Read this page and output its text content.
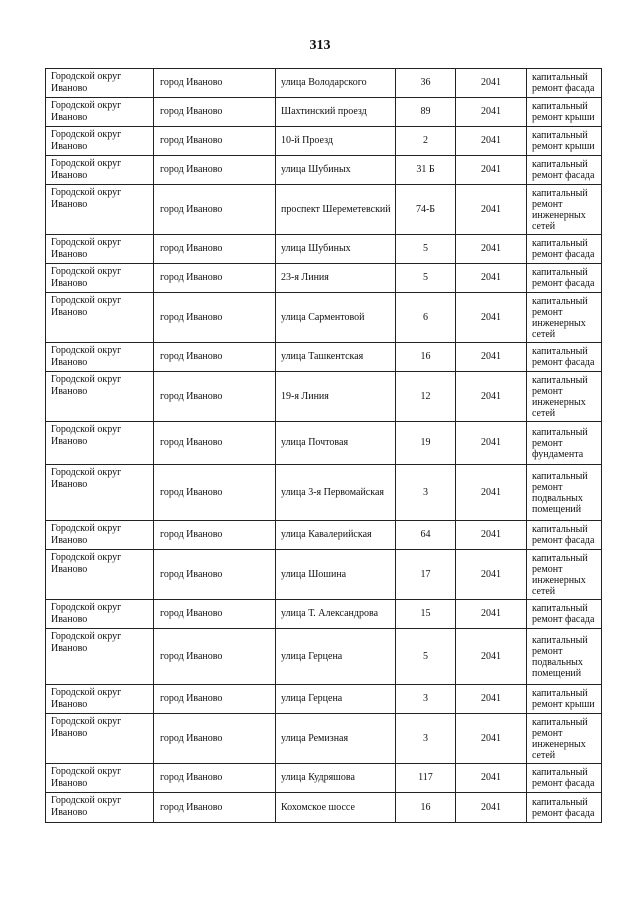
313
Городской округ Иваново	город Иваново	улица Володарского	36	2041	капитальный ремонт фасада
Городской округ Иваново	город Иваново	Шахтинский проезд	89	2041	капитальный ремонт крыши
Городской округ Иваново	город Иваново	10-й Проезд	2	2041	капитальный ремонт крыши
Городской округ Иваново	город Иваново	улица Шубиных	31 Б	2041	капитальный ремонт фасада
Городской округ Иваново	город Иваново	проспект Шереметевский	74-Б	2041	капитальный ремонт инженерных сетей
Городской округ Иваново	город Иваново	улица Шубиных	5	2041	капитальный ремонт фасада
Городской округ Иваново	город Иваново	23-я Линия	5	2041	капитальный ремонт фасада
Городской округ Иваново	город Иваново	улица Сарментовой	6	2041	капитальный ремонт инженерных сетей
Городской округ Иваново	город Иваново	улица Ташкентская	16	2041	капитальный ремонт фасада
Городской округ Иваново	город Иваново	19-я Линия	12	2041	капитальный ремонт инженерных сетей
Городской округ Иваново	город Иваново	улица Почтовая	19	2041	капитальный ремонт фундамента
Городской округ Иваново	город Иваново	улица 3-я Первомайская	3	2041	капитальный ремонт подвальных помещений
Городской округ Иваново	город Иваново	улица Кавалерийская	64	2041	капитальный ремонт фасада
Городской округ Иваново	город Иваново	улица Шошина	17	2041	капитальный ремонт инженерных сетей
Городской округ Иваново	город Иваново	улица Т. Александрова	15	2041	капитальный ремонт фасада
Городской округ Иваново	город Иваново	улица Герцена	5	2041	капитальный ремонт подвальных помещений
Городской округ Иваново	город Иваново	улица Герцена	3	2041	капитальный ремонт крыши
Городской округ Иваново	город Иваново	улица Ремизная	3	2041	капитальный ремонт инженерных сетей
Городской округ Иваново	город Иваново	улица Кудряшова	117	2041	капитальный ремонт фасада
Городской округ Иваново	город Иваново	Кохомское шоссе	16	2041	капитальный ремонт фасада
